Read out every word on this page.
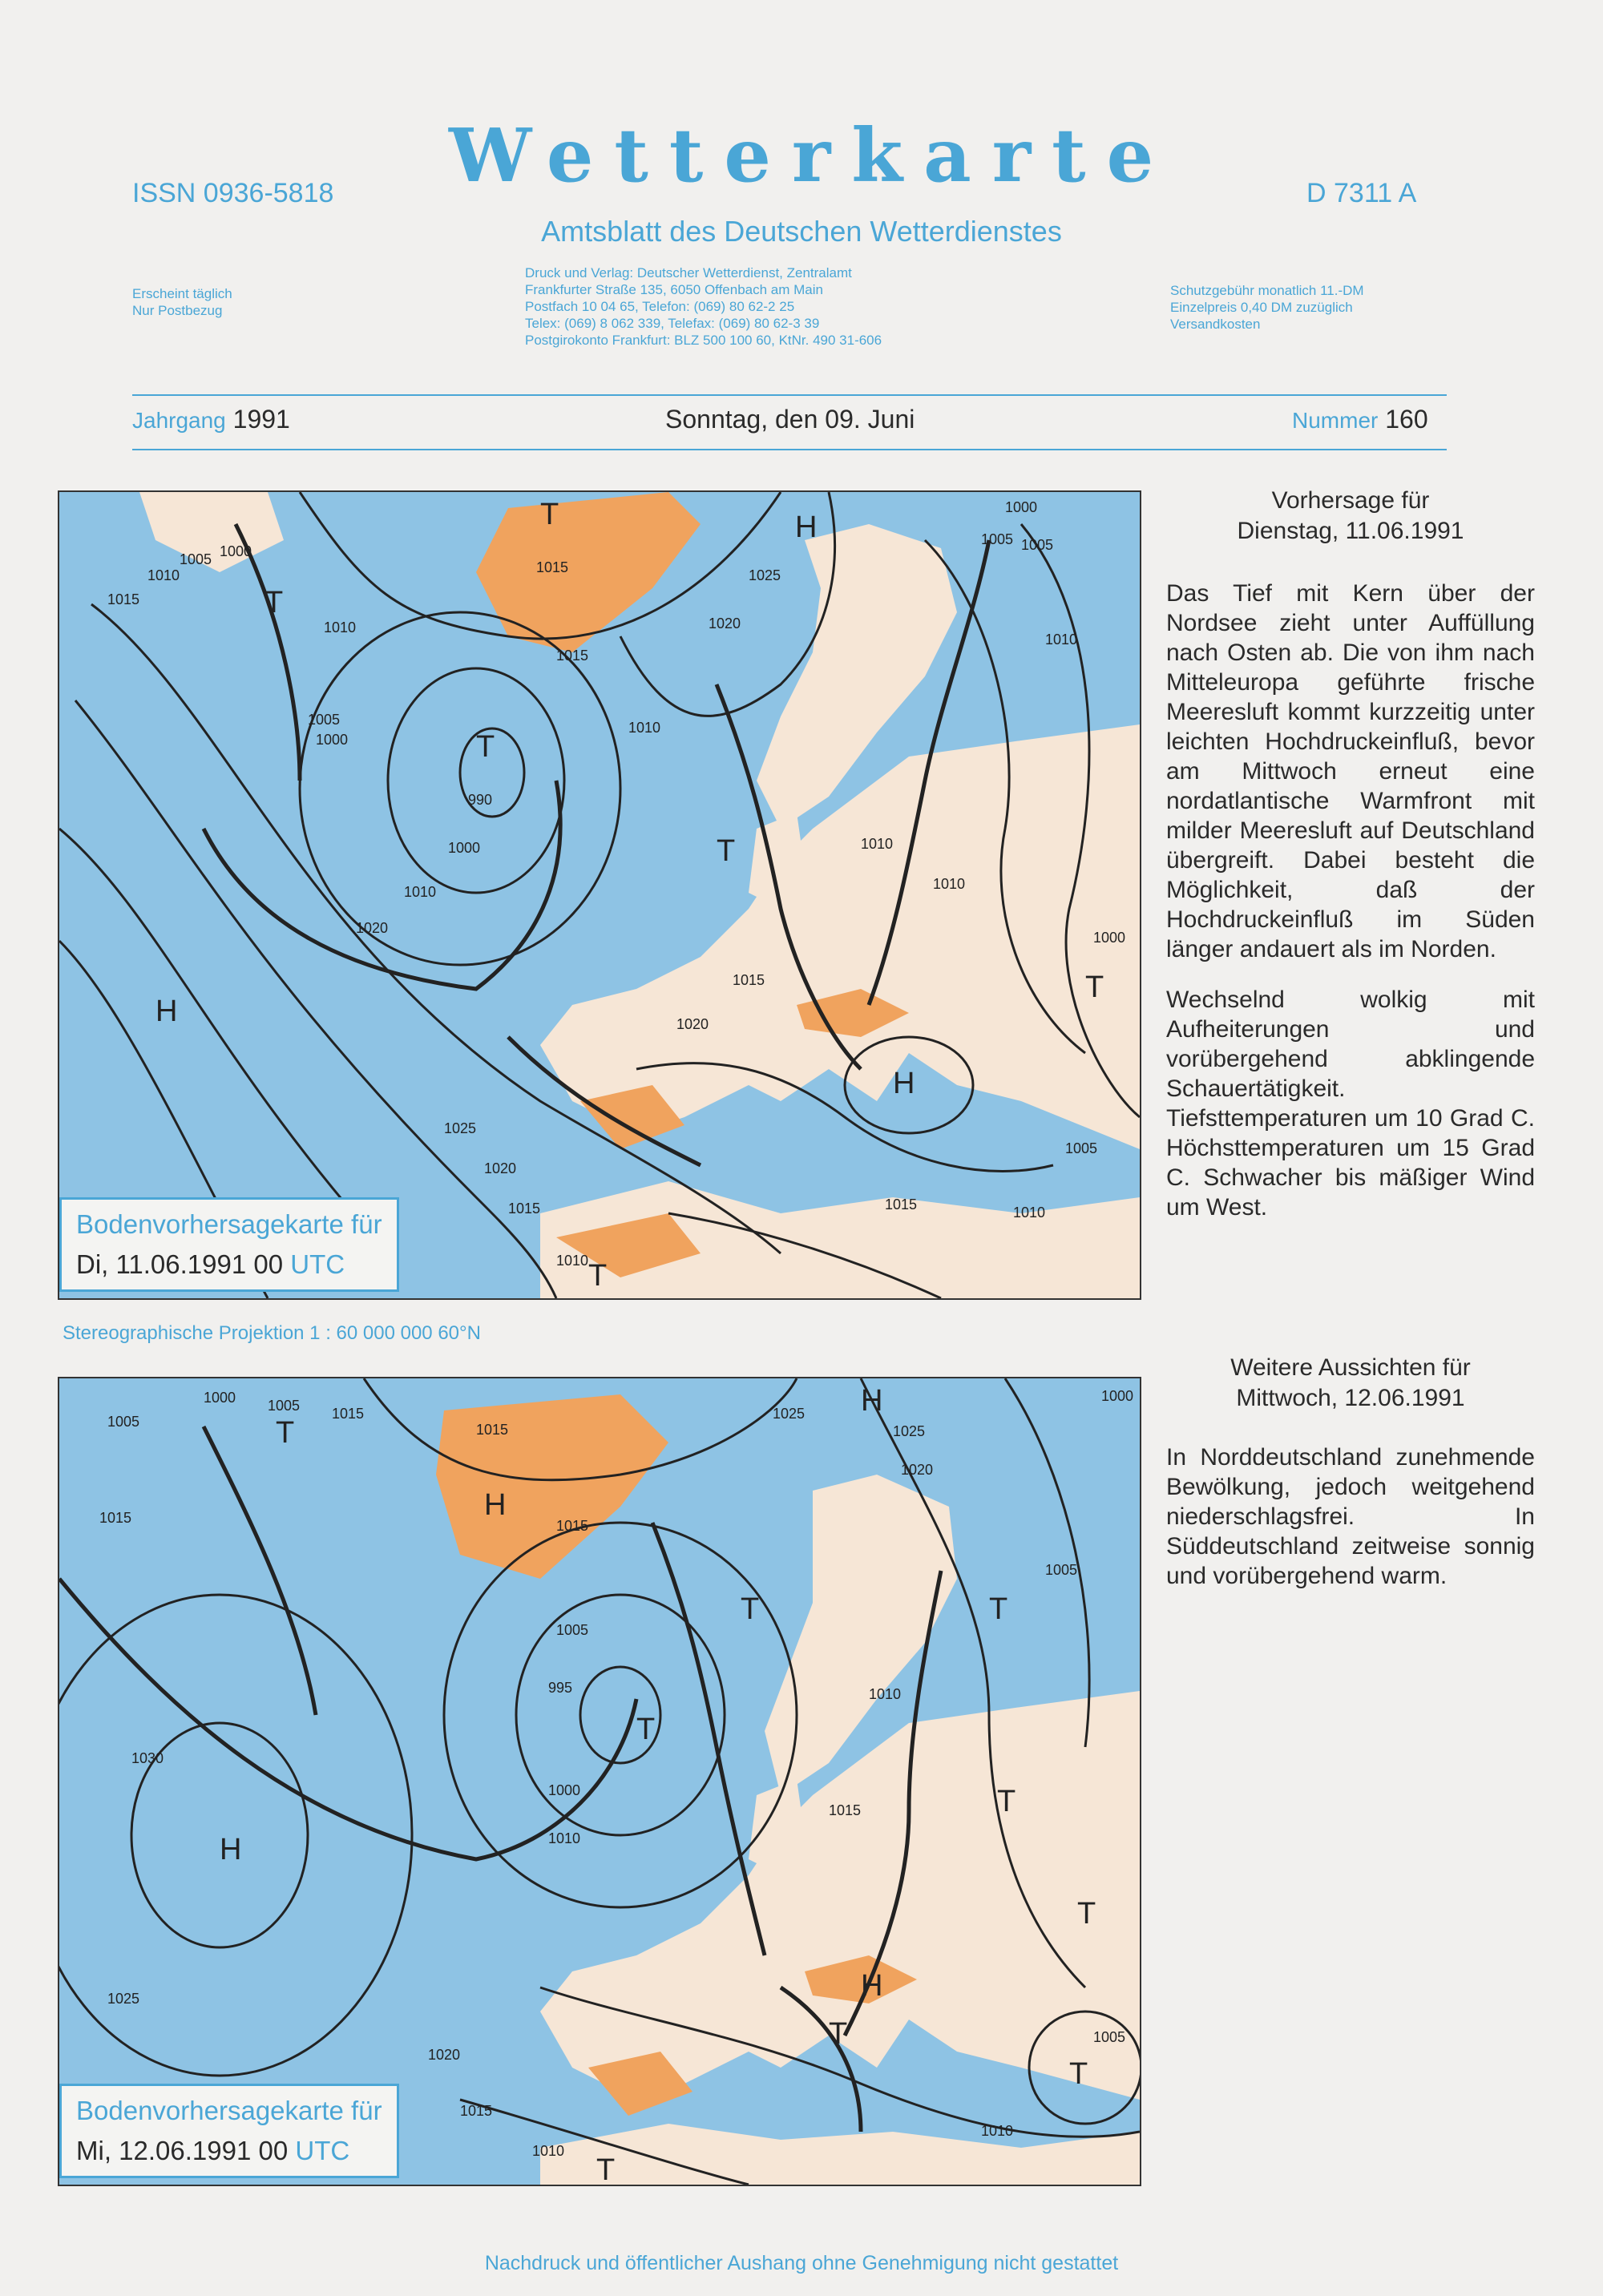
Wetterkarte
Amtsblatt des Deutschen Wetterdienstes
ISSN 0936-5818	D 7311 A
Erscheint täglich
Nur Postbezug
Druck und Verlag: Deutscher Wetterdienst, Zentralamt
Frankfurter Straße 135, 6050 Offenbach am Main
Postfach 10 04 65, Telefon: (069) 80 62-2 25
Telex: (069) 8 062 339, Telefax: (069) 80 62-3 39
Postgirokonto Frankfurt: BLZ 500 100 60, KtNr. 490 31-606
Schutzgebühr monatlich 11.-DM
Einzelpreis 0,40 DM zuzüglich
Versandkosten
Jahrgang 1991	Sonntag, den 09. Juni	Nummer 160
T	H
T
T
H
T
H
T
T
1005 1000
1015
1010
1005
1000
990
1000
1010
1020
1010
1025
1020
1015
1010
1005
1000
1015
1010
1010
1020
1025
1020
1015
1010
1015	1010
1005
1000
1010
1005
1015
Bodenvorhersagekarte für
Di, 11.06.1991 00 UTC
Stereographische Projektion 1 : 60 000 000 60°N
T
H
H
T
T
H
T
T
T
T
T
H
T
1000 1005 1015
1005
1015
1015
1025
1030
1025
1020
1015
1010
1005
1015
1025
1020
1005
995
1000
1010
1010
1015
1000
1005
1010
Bodenvorhersagekarte für
Mi, 12.06.1991 00 UTC
Vorhersage für
Dienstag, 11.06.1991

Das Tief mit Kern über der Nordsee zieht unter Auffüllung nach Osten ab. Die von ihm nach Mitteleuropa geführte frische Meeresluft kommt kurzzeitig unter leichten Hochdruckeinfluß, bevor am Mittwoch erneut eine nordatlantische Warmfront mit milder Meeresluft auf Deutschland übergreift. Dabei besteht die Möglichkeit, daß der Hochdruckeinfluß im Süden länger andauert als im Norden.

Wechselnd wolkig mit Aufheiterungen und vorübergehend abklingende Schauertätigkeit. Tiefsttemperaturen um 10 Grad C. Höchsttemperaturen um 15 Grad C. Schwacher bis mäßiger Wind um West.

Weitere Aussichten für
Mittwoch, 12.06.1991

In Norddeutschland zunehmende Bewölkung, jedoch weitgehend niederschlagsfrei. In Süddeutschland zeitweise sonnig und vorübergehend warm.

Nachdruck und öffentlicher Aushang ohne Genehmigung nicht gestattet
